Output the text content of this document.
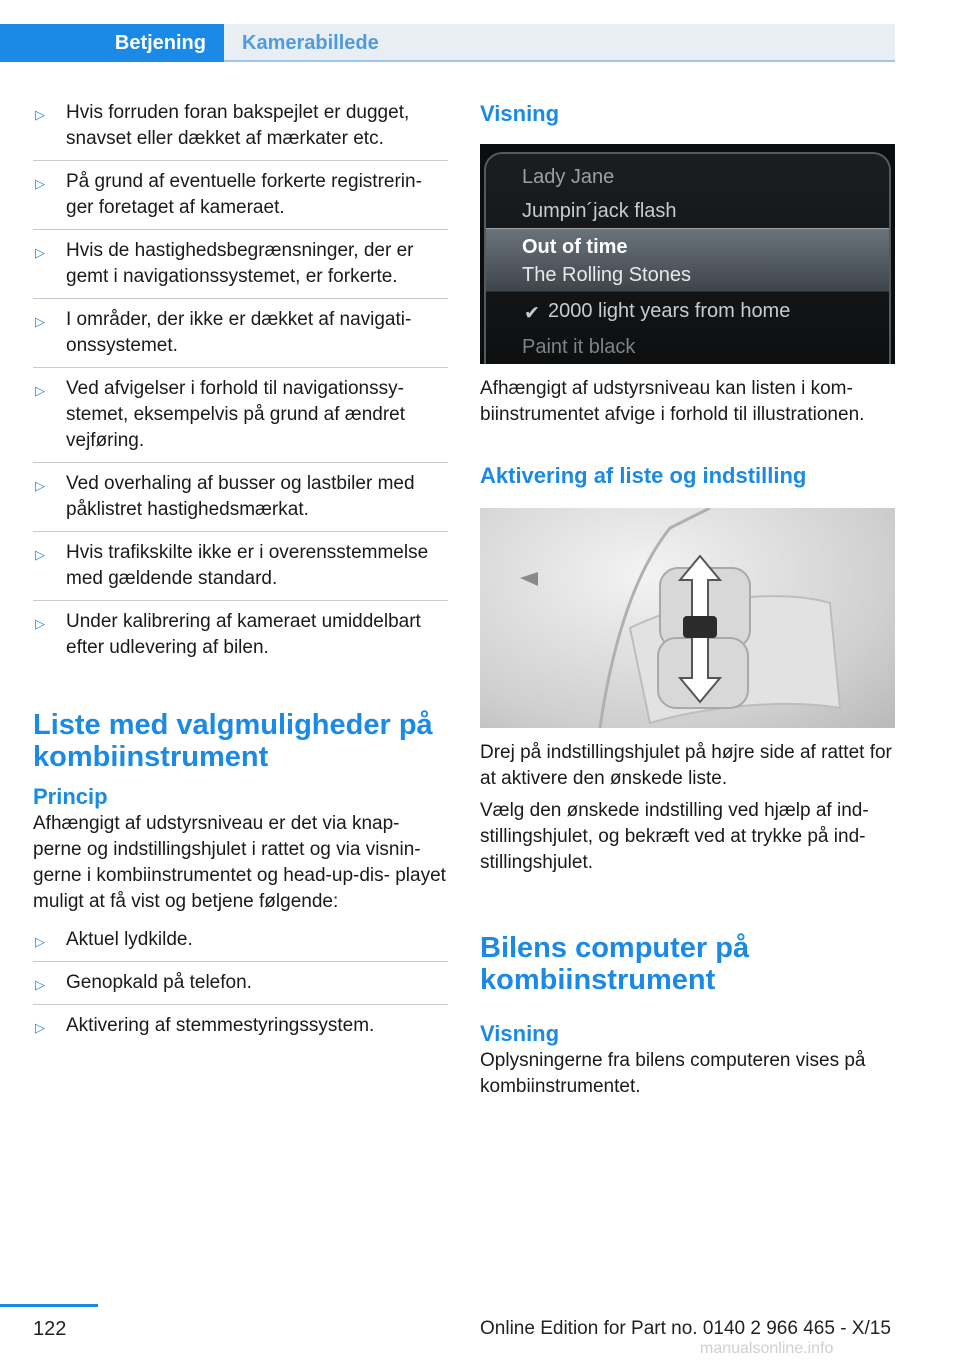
Betjening	Kamerabillede
▷ Hvis forruden foran bakspejlet er dugget, snavset eller dækket af mærkater etc.
▷ På grund af eventuelle forkerte registrerin‐ ger foretaget af kameraet.
▷ Hvis de hastighedsbegrænsninger, der er gemt i navigationssystemet, er forkerte.
▷ I områder, der ikke er dækket af navigati‐ onssystemet.
▷ Ved afvigelser i forhold til navigationssy‐ stemet, eksempelvis på grund af ændret vejføring.
▷ Ved overhaling af busser og lastbiler med påklistret hastighedsmærkat.
▷ Hvis trafikskilte ikke er i overensstemmelse med gældende standard.
▷ Under kalibrering af kameraet umiddelbart efter udlevering af bilen.
Liste med valgmuligheder på kombiinstrument
Princip
Afhængigt af udstyrsniveau er det via knap‐ perne og indstillingshjulet i rattet og via visnin‐ gerne i kombiinstrumentet og head-up-dis‐ playet muligt at få vist og betjene følgende:
▷ Aktuel lydkilde.
▷ Genopkald på telefon.
▷ Aktivering af stemmestyringssystem.
Visning
Lady Jane
Jumpin´jack flash
Out of time
The Rolling Stones
✔ 2000 light years from home
Paint it black
Afhængigt af udstyrsniveau kan listen i kom‐ biinstrumentet afvige i forhold til illustrationen.
Aktivering af liste og indstilling
Drej på indstillingshjulet på højre side af rattet for at aktivere den ønskede liste.
Vælg den ønskede indstilling ved hjælp af ind‐ stillingshjulet, og bekræft ved at trykke på ind‐ stillingshjulet.
Bilens computer på kombiinstrument
Visning
Oplysningerne fra bilens computeren vises på kombiinstrumentet.
122	Online Edition for Part no. 0140 2 966 465 - X/15
manualsonline.info
